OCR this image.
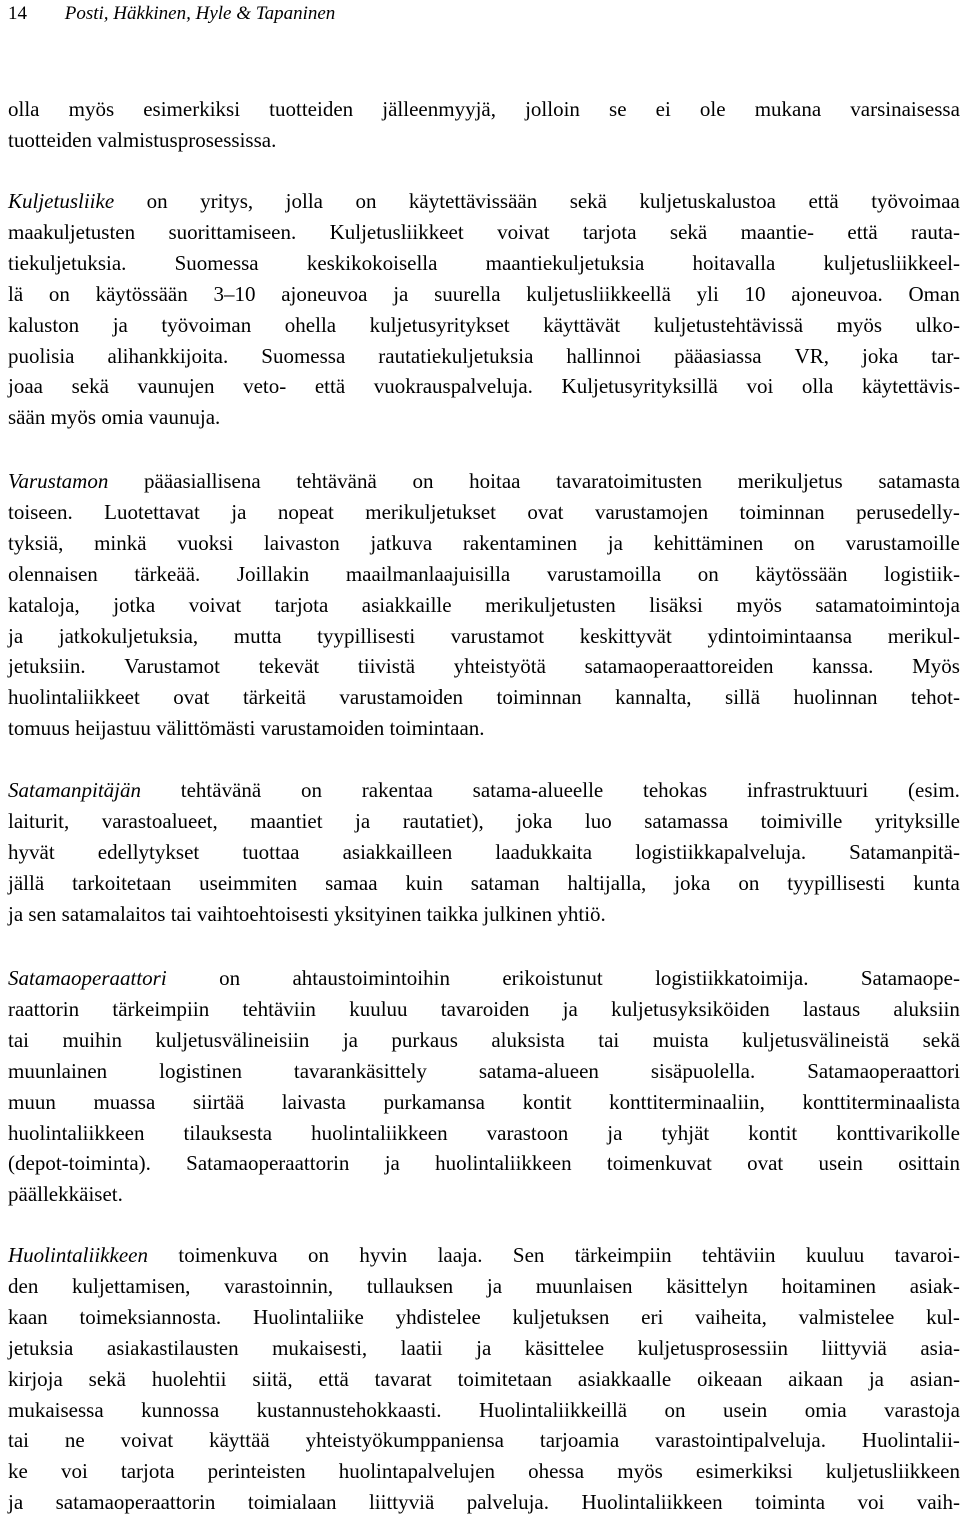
14 Posti, Häkkinen, Hyle & Tapaninen
olla myös esimerkiksi tuotteiden jälleenmyyjä, jolloin se ei ole mukana varsinaisessa
tuotteiden valmistusprosessissa.
Kuljetusliike on yritys, jolla on käytettävissään sekä kuljetuskalustoa että työvoimaa
maakuljetusten suorittamiseen. Kuljetusliikkeet voivat tarjota sekä maantie- että rauta-
tiekuljetuksia. Suomessa keskikokoisella maantiekuljetuksia hoitavalla kuljetusliikkeel-
lä on käytössään 3–10 ajoneuvoa ja suurella kuljetusliikkeellä yli 10 ajoneuvoa. Oman
kaluston ja työvoiman ohella kuljetusyritykset käyttävät kuljetustehtävissä myös ulko-
puolisia alihankkijoita. Suomessa rautatiekuljetuksia hallinnoi pääasiassa VR, joka tar-
joaa sekä vaunujen veto- että vuokrauspalveluja. Kuljetusyrityksillä voi olla käytettävis-
sään myös omia vaunuja.
Varustamon pääasiallisena tehtävänä on hoitaa tavaratoimitusten merikuljetus satamasta
toiseen. Luotettavat ja nopeat merikuljetukset ovat varustamojen toiminnan perusedelly-
tyksiä, minkä vuoksi laivaston jatkuva rakentaminen ja kehittäminen on varustamoille
olennaisen tärkeää. Joillakin maailmanlaajuisilla varustamoilla on käytössään logistiik-
kataloja, jotka voivat tarjota asiakkaille merikuljetusten lisäksi myös satamatoimintoja
ja jatkokuljetuksia, mutta tyypillisesti varustamot keskittyvät ydintoimintaansa merikul-
jetuksiin. Varustamot tekevät tiivistä yhteistyötä satamaoperaattoreiden kanssa. Myös
huolintaliikkeet ovat tärkeitä varustamoiden toiminnan kannalta, sillä huolinnan tehot-
tomuus heijastuu välittömästi varustamoiden toimintaan.
Satamanpitäjän tehtävänä on rakentaa satama-alueelle tehokas infrastruktuuri (esim.
laiturit, varastoalueet, maantiet ja rautatiet), joka luo satamassa toimiville yrityksille
hyvät edellytykset tuottaa asiakkailleen laadukkaita logistiikkapalveluja. Satamanpitä-
jällä tarkoitetaan useimmiten samaa kuin sataman haltijalla, joka on tyypillisesti kunta
ja sen satamalaitos tai vaihtoehtoisesti yksityinen taikka julkinen yhtiö.
Satamaoperaattori on ahtaustoimintoihin erikoistunut logistiikkatoimija. Satamaope-
raattorin tärkeimpiin tehtäviin kuuluu tavaroiden ja kuljetusyksiköiden lastaus aluksiin
tai muihin kuljetusvälineisiin ja purkaus aluksista tai muista kuljetusvälineistä sekä
muunlainen logistinen tavarankäsittely satama-alueen sisäpuolella. Satamaoperaattori
muun muassa siirtää laivasta purkamansa kontit konttiterminaaliin, konttiterminaalista
huolintaliikkeen tilauksesta huolintaliikkeen varastoon ja tyhjät kontit konttivarikolle
(depot-toiminta). Satamaoperaattorin ja huolintaliikkeen toimenkuvat ovat usein osittain
päällekkäiset.
Huolintaliikkeen toimenkuva on hyvin laaja. Sen tärkeimpiin tehtäviin kuuluu tavaroi-
den kuljettamisen, varastoinnin, tullauksen ja muunlaisen käsittelyn hoitaminen asiak-
kaan toimeksiannosta. Huolintaliike yhdistelee kuljetuksen eri vaiheita, valmistelee kul-
jetuksia asiakastilausten mukaisesti, laatii ja käsittelee kuljetusprosessiin liittyviä asia-
kirjoja sekä huolehtii siitä, että tavarat toimitetaan asiakkaalle oikeaan aikaan ja asian-
mukaisessa kunnossa kustannustehokkaasti. Huolintaliikkeillä on usein omia varastoja
tai ne voivat käyttää yhteistyökumppaniensa tarjoamia varastointipalveluja. Huolintalii-
ke voi tarjota perinteisten huolintapalvelujen ohessa myös esimerkiksi kuljetusliikkeen
ja satamaoperaattorin toimialaan liittyviä palveluja. Huolintaliikkeen toiminta voi vaih-
